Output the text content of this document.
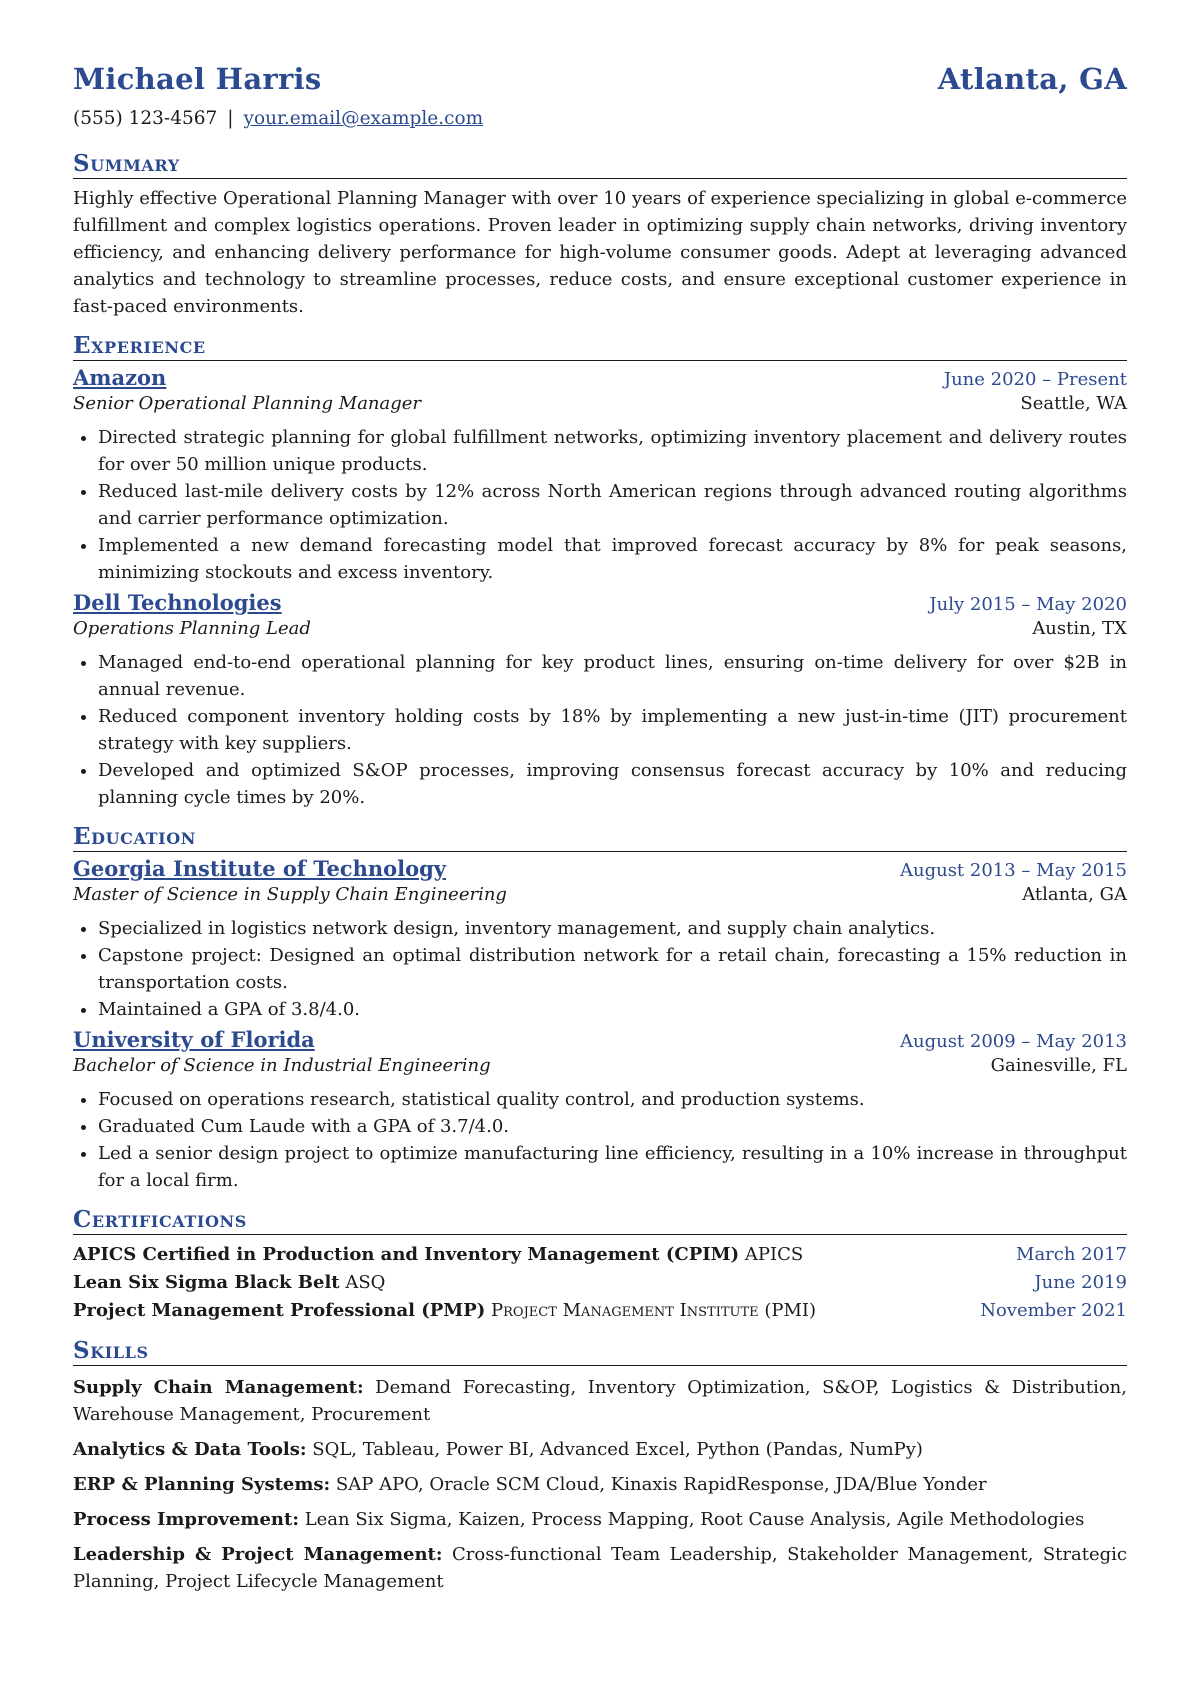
Michael Harris	Atlanta, GA
(555) 123-4567 | your.email@example.com
Summary
Highly effective Operational Planning Manager with over 10 years of experience specializing in global e-commerce fulfillment and complex logistics operations. Proven leader in optimizing supply chain networks, driving inventory efficiency, and enhancing delivery performance for high-volume consumer goods. Adept at leveraging advanced analytics and technology to streamline processes, reduce costs, and ensure exceptional customer experience in fast-paced environments.
Experience
Amazon	June 2020 – Present
Senior Operational Planning Manager	Seattle, WA
• Directed strategic planning for global fulfillment networks, optimizing inventory placement and delivery routes for over 50 million unique products.
• Reduced last-mile delivery costs by 12% across North American regions through advanced routing algorithms and carrier performance optimization.
• Implemented a new demand forecasting model that improved forecast accuracy by 8% for peak seasons, minimizing stockouts and excess inventory.
Dell Technologies	July 2015 – May 2020
Operations Planning Lead	Austin, TX
• Managed end-to-end operational planning for key product lines, ensuring on-time delivery for over $2B in annual revenue.
• Reduced component inventory holding costs by 18% by implementing a new just-in-time (JIT) procurement strategy with key suppliers.
• Developed and optimized S&OP processes, improving consensus forecast accuracy by 10% and reducing planning cycle times by 20%.
Education
Georgia Institute of Technology	August 2013 – May 2015
Master of Science in Supply Chain Engineering	Atlanta, GA
• Specialized in logistics network design, inventory management, and supply chain analytics.
• Capstone project: Designed an optimal distribution network for a retail chain, forecasting a 15% reduction in transportation costs.
• Maintained a GPA of 3.8/4.0.
University of Florida	August 2009 – May 2013
Bachelor of Science in Industrial Engineering	Gainesville, FL
• Focused on operations research, statistical quality control, and production systems.
• Graduated Cum Laude with a GPA of 3.7/4.0.
• Led a senior design project to optimize manufacturing line efficiency, resulting in a 10% increase in throughput for a local firm.
Certifications
APICS Certified in Production and Inventory Management (CPIM) APICS	March 2017
Lean Six Sigma Black Belt ASQ	June 2019
Project Management Professional (PMP) Project Management Institute (PMI)	November 2021
Skills
Supply Chain Management: Demand Forecasting, Inventory Optimization, S&OP, Logistics & Distribution, Warehouse Management, Procurement
Analytics & Data Tools: SQL, Tableau, Power BI, Advanced Excel, Python (Pandas, NumPy)
ERP & Planning Systems: SAP APO, Oracle SCM Cloud, Kinaxis RapidResponse, JDA/Blue Yonder
Process Improvement: Lean Six Sigma, Kaizen, Process Mapping, Root Cause Analysis, Agile Methodologies
Leadership & Project Management: Cross-functional Team Leadership, Stakeholder Management, Strategic Planning, Project Lifecycle Management
